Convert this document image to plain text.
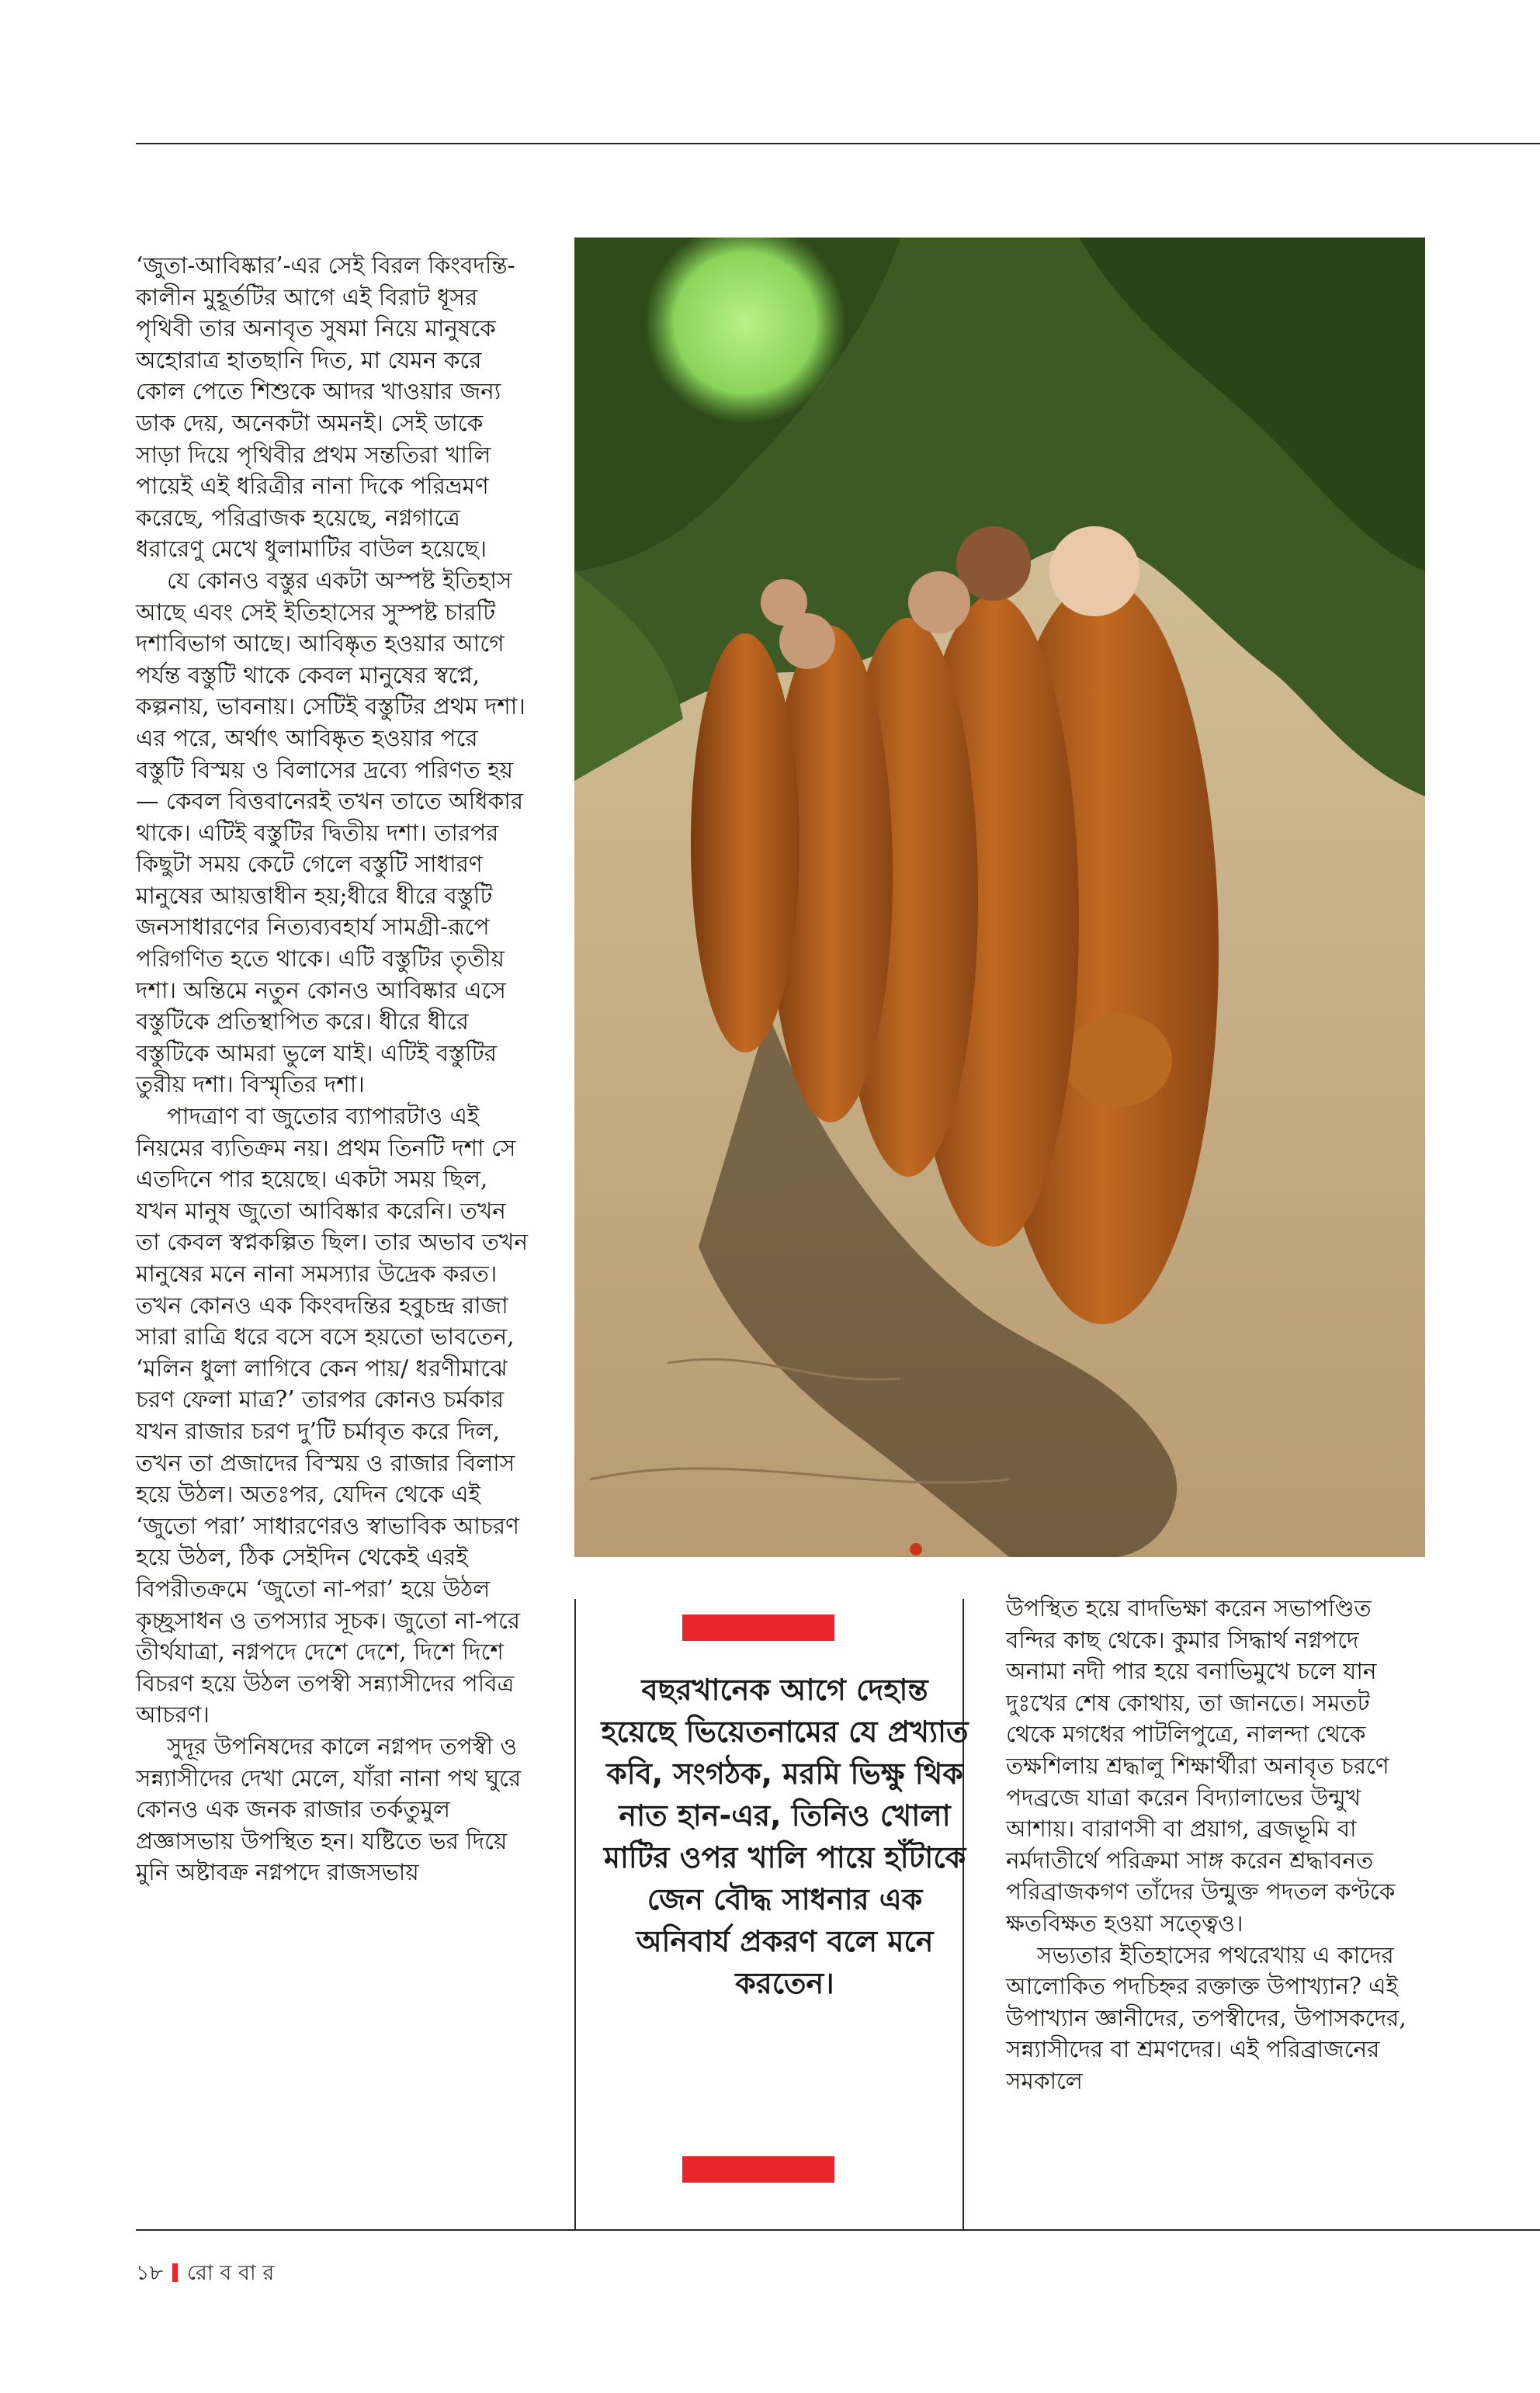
‘জুতা-আবিষ্কার’-এর সেই বিরল কিংবদন্তি-কালীন মুহূর্তটির আগে এই বিরাট ধূসর পৃথিবী তার অনাবৃত সুষমা নিয়ে মানুষকে অহোরাত্র হাতছানি দিত, মা যেমন করে কোল পেতে শিশুকে আদর খাওয়ার জন্য ডাক দেয়, অনেকটা অমনই। সেই ডাকে সাড়া দিয়ে পৃথিবীর প্রথম সন্ততিরা খালি পায়েই এই ধরিত্রীর নানা দিকে পরিভ্রমণ করেছে, পরিব্রাজক হয়েছে, নগ্নগাত্রে ধরারেণু মেখে ধুলামাটির বাউল হয়েছে।

যে কোনও বস্তুর একটা অস্পষ্ট ইতিহাস আছে এবং সেই ইতিহাসের সুস্পষ্ট চারটি দশাবিভাগ আছে। আবিষ্কৃত হওয়ার আগে পর্যন্ত বস্তুটি থাকে কেবল মানুষের স্বপ্নে, কল্পনায়, ভাবনায়। সেটিই বস্তুটির প্রথম দশা। এর পরে, অর্থাৎ আবিষ্কৃত হওয়ার পরে বস্তুটি বিস্ময় ও বিলাসের দ্রব্যে পরিণত হয়— কেবল বিত্তবানেরই তখন তাতে অধিকার থাকে। এটিই বস্তুটির দ্বিতীয় দশা। তারপর কিছুটা সময় কেটে গেলে বস্তুটি সাধারণ মানুষের আয়ত্তাধীন হয়;ধীরে ধীরে বস্তুটি জনসাধারণের নিত্যব্যবহার্য সামগ্রী-রূপে পরিগণিত হতে থাকে। এটি বস্তুটির তৃতীয় দশা। অন্তিমে নতুন কোনও আবিষ্কার এসে বস্তুটিকে প্রতিস্থাপিত করে। ধীরে ধীরে বস্তুটিকে আমরা ভুলে যাই। এটিই বস্তুটির তুরীয় দশা। বিস্মৃতির দশা।

পাদত্রাণ বা জুতোর ব্যাপারটাও এই নিয়মের ব্যতিক্রম নয়। প্রথম তিনটি দশা সে এতদিনে পার হয়েছে। একটা সময় ছিল, যখন মানুষ জুতো আবিষ্কার করেনি। তখন তা কেবল স্বপ্নকল্পিত ছিল। তার অভাব তখন মানুষের মনে নানা সমস্যার উদ্রেক করত। তখন কোনও এক কিংবদন্তির হবুচন্দ্র রাজা সারা রাত্রি ধরে বসে বসে হয়তো ভাবতেন, ‘মলিন ধুলা লাগিবে কেন পায়/ ধরণীমাঝে চরণ ফেলা মাত্র?’ তারপর কোনও চর্মকার যখন রাজার চরণ দু’টি চর্মাবৃত করে দিল, তখন তা প্রজাদের বিস্ময় ও রাজার বিলাস হয়ে উঠল। অতঃপর, যেদিন থেকে এই ‘জুতো পরা’ সাধারণেরও স্বাভাবিক আচরণ হয়ে উঠল, ঠিক সেইদিন থেকেই এরই বিপরীতক্রমে ‘জুতো না-পরা’ হয়ে উঠল কৃচ্ছ্রসাধন ও তপস্যার সূচক। জুতো না-পরে তীর্থযাত্রা, নগ্নপদে দেশে দেশে, দিশে দিশে বিচরণ হয়ে উঠল তপস্বী সন্ন্যাসীদের পবিত্র আচরণ।

সুদূর উপনিষদের কালে নগ্নপদ তপস্বী ও সন্ন্যাসীদের দেখা মেলে, যাঁরা নানা পথ ঘুরে কোনও এক জনক রাজার তর্কতুমুল প্রজ্ঞাসভায় উপস্থিত হন। যষ্টিতে ভর দিয়ে মুনি অষ্টাবক্র নগ্নপদে রাজসভায়

বছরখানেক আগে দেহান্ত হয়েছে ভিয়েতনামের যে প্রখ্যাত কবি, সংগঠক, মরমি ভিক্ষু থিক নাত হান-এর, তিনিও খোলা মাটির ওপর খালি পায়ে হাঁটাকে জেন বৌদ্ধ সাধনার এক অনিবার্য প্রকরণ বলে মনে করতেন।

উপস্থিত হয়ে বাদভিক্ষা করেন সভাপণ্ডিত বন্দির কাছ থেকে। কুমার সিদ্ধার্থ নগ্নপদে অনামা নদী পার হয়ে বনাভিমুখে চলে যান দুঃখের শেষ কোথায়, তা জানতে। সমতট থেকে মগধের পাটলিপুত্রে, নালন্দা থেকে তক্ষশিলায় শ্রদ্ধালু শিক্ষার্থীরা অনাবৃত চরণে পদব্রজে যাত্রা করেন বিদ্যালাভের উন্মুখ আশায়। বারাণসী বা প্রয়াগ, ব্রজভূমি বা নর্মদাতীর্থে পরিক্রমা সাঙ্গ করেন শ্রদ্ধাবনত পরিব্রাজকগণ তাঁদের উন্মুক্ত পদতল কণ্টকে ক্ষতবিক্ষত হওয়া সত্ত্বেও।

সভ্যতার ইতিহাসের পথরেখায় এ কাদের আলোকিত পদচিহ্নর রক্তাক্ত উপাখ্যান? এই উপাখ্যান জ্ঞানীদের, তপস্বীদের, উপাসকদের, সন্ন্যাসীদের বা শ্রমণদের। এই পরিব্রাজনের সমকালে

১৮ রো ব বা র
